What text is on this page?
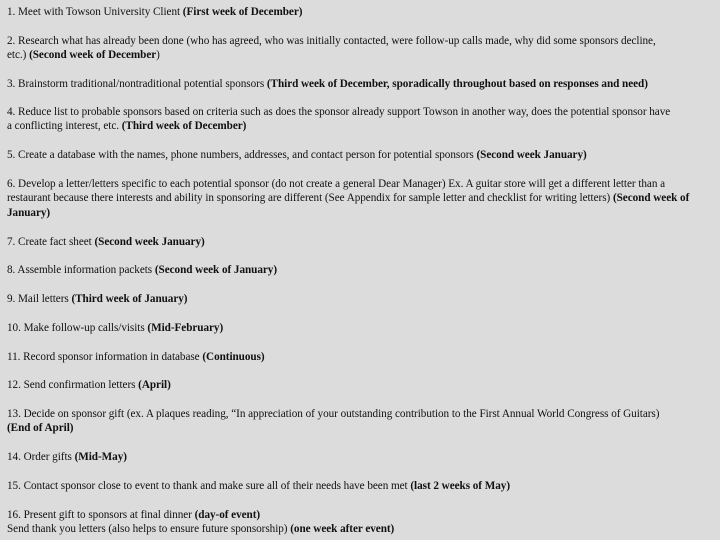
1. Meet with Towson University Client (First week of December)
2. Research what has already been done (who has agreed, who was initially contacted, were follow-up calls made, why did some sponsors decline,
etc.) (Second week of December)
3. Brainstorm traditional/nontraditional potential sponsors (Third week of December, sporadically throughout based on responses and need)
4. Reduce list to probable sponsors based on criteria such as does the sponsor already support Towson in another way, does the potential sponsor have
a conflicting interest, etc. (Third week of December)
5. Create a database with the names, phone numbers, addresses, and contact person for potential sponsors (Second week January)
6. Develop a letter/letters specific to each potential sponsor (do not create a general Dear Manager) Ex. A guitar store will get a different letter than a
restaurant because there interests and ability in sponsoring are different (See Appendix for sample letter and checklist for writing letters) (Second week of
January)
7. Create fact sheet (Second week January)
8. Assemble information packets (Second week of January)
9. Mail letters (Third week of January)
10. Make follow-up calls/visits (Mid-February)
11. Record sponsor information in database (Continuous)
12. Send confirmation letters (April)
13. Decide on sponsor gift (ex. A plaques reading, “In appreciation of your outstanding contribution to the First Annual World Congress of Guitars)
(End of April)
14. Order gifts (Mid-May)
15. Contact sponsor close to event to thank and make sure all of their needs have been met (last 2 weeks of May)
16. Present gift to sponsors at final dinner (day-of event)
Send thank you letters (also helps to ensure future sponsorship) (one week after event)
